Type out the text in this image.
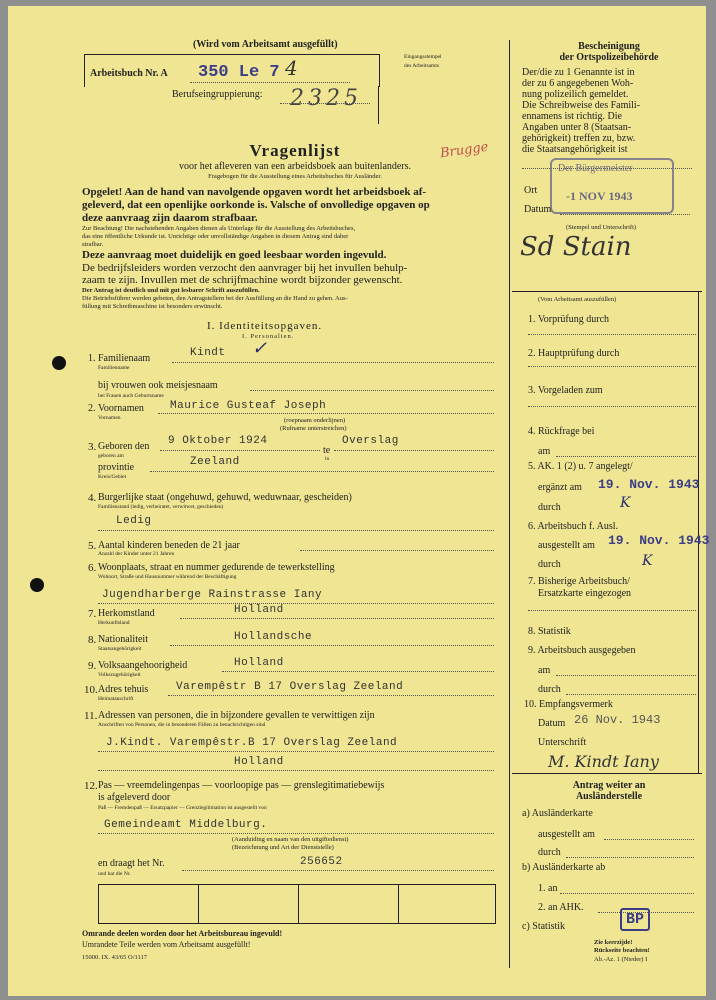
(Wird vom Arbeitsamt ausgefüllt)
Eingangsstempel
des Arbeitsamts
Arbeitsbuch Nr. A 350 Le 7 4
Berufseingruppierung: 2325
Vragenlijst
voor het afleveren van een arbeidsboek aan buitenlanders.
Fragebogen für die Ausstellung eines Arbeitsbuches für Ausländer.
Brugge
Opgelet! Aan de hand van navolgende opgaven wordt het arbeidsboek af-
geleverd, dat een openlijke oorkonde is. Valsche of onvolledige opgaven op
deze aanvraag zijn daarom strafbaar.
Zur Beachtung! Die nachstehenden Angaben dienen als Unterlage für die Ausstellung des Arbeitsbuches,
das eine öffentliche Urkunde ist. Unrichtige oder unvollständige Angaben in diesem Antrag sind daher
strafbar.
Deze aanvraag moet duidelijk en goed leesbaar worden ingevuld.
De bedrijfsleiders worden verzocht den aanvrager bij het invullen behulp-
zaam te zijn. Invullen met de schrijfmachine wordt bijzonder gewenscht.
Der Antrag ist deutlich und mit gut lesbarer Schrift auszufüllen.
Die Betriebsführer werden gebeten, den Antragstellern bei der Ausfüllung an die Hand zu gehen. Aus-
füllung mit Schreibmaschine ist besonders erwünscht.
I. Identiteitsopgaven.
I. Personalien.
1. Familienaam
Familienname
Kindt ✓
bij vrouwen ook meisjesnaam
bei Frauen auch Geburtsname
2. Voornamen
Vornamen
Maurice Gusteaf Joseph
(roepnaam onderlijnen)
(Rufname unterstreichen)
3. Geboren den 9 Oktober 1924
te
Overslag
geboren am	in
provintie
Kreis/Gebiet
Zeeland
4. Burgerlijke staat (ongehuwd, gehuwd, weduwnaar, gescheiden)
Familienstand (ledig, verheiratet, verwitwet, geschieden)
Ledig
5. Aantal kinderen beneden de 21 jaar
Anzahl der Kinder unter 21 Jahren
6. Woonplaats, straat en nummer gedurende de tewerkstelling
Wohnort, Straße und Hausnummer während der Beschäftigung
Jugendharberge Rainstrasse Iany
7. Herkomstland
Herkunftsland
Holland
8. Nationaliteit
Staatsangehörigkeit
Hollandsche
9. Volksaangehoorigheid
Volkszugehörigkeit
Holland
10. Adres tehuis
Heimatanschrift
Varempêstr B 17 Overslag Zeeland
11. Adressen van personen, die in bijzondere gevallen te verwittigen zijn
Anschriften von Personen, die in besonderen Fällen zu benachrichtigen sind
J.Kindt. Varempêstr.B 17 Overslag Zeeland
Holland
12. Pas — vreemdelingenpas — voorloopige pas — grenslegitimatiebewijs
is afgeleverd door
Paß — Fremdenpaß — Ersatzpapier — Grenzlegitimation ist ausgestellt von
Gemeindeamt Middelburg.
(Aanduiding en naam van den uitgiftedienst)
(Bezeichnung und Art der Dienststelle)
en draagt het Nr.
und hat die Nr.
256652
Omrande deelen worden door het Arbeitsbureau ingevuld!
Umrandete Teile werden vom Arbeitsamt ausgefüllt!
15000. IX. 43/65 O/1117
Bescheinigung
der Ortspolizeibehörde
Der/die zu 1 Genannte ist in
der zu 6 angegebenen Woh-
nung polizeilich gemeldet.
Die Schreibweise des Famili-
ennamens ist richtig. Die
Angaben unter 8 (Staatsan-
gehörigkeit) treffen zu, bzw.
die Staatsangehörigkeit ist
Der Bürgermeister
-1 NOV 1943
Ort
Datum
(Stempel und Unterschrift)
Sd Stain
(Vom Arbeitsamt auszufüllen)
1. Vorprüfung durch
2. Hauptprüfung durch
3. Vorgeladen zum
4. Rückfrage bei
am
5. AK. 1 (2) u. 7 angelegt/
ergänzt am 19. Nov. 1943
durch	K
6. Arbeitsbuch f. Ausl.
ausgestellt am 19. Nov. 1943
durch	K
7. Bisherige Arbeitsbuch/
Ersatzkarte eingezogen
8. Statistik
9. Arbeitsbuch ausgegeben
am
durch
10. Empfangsvermerk
Datum 26 Nov. 1943
Unterschrift
M. Kindt Iany
Antrag weiter an
Ausländerstelle
a) Ausländerkarte
ausgestellt am
durch
b) Ausländerkarte ab
1. an
2. an AHK.
c) Statistik	BP
Zie keerzijde!
Rückseite beachten!
Ab.-Az. 1 (Nieder) I
